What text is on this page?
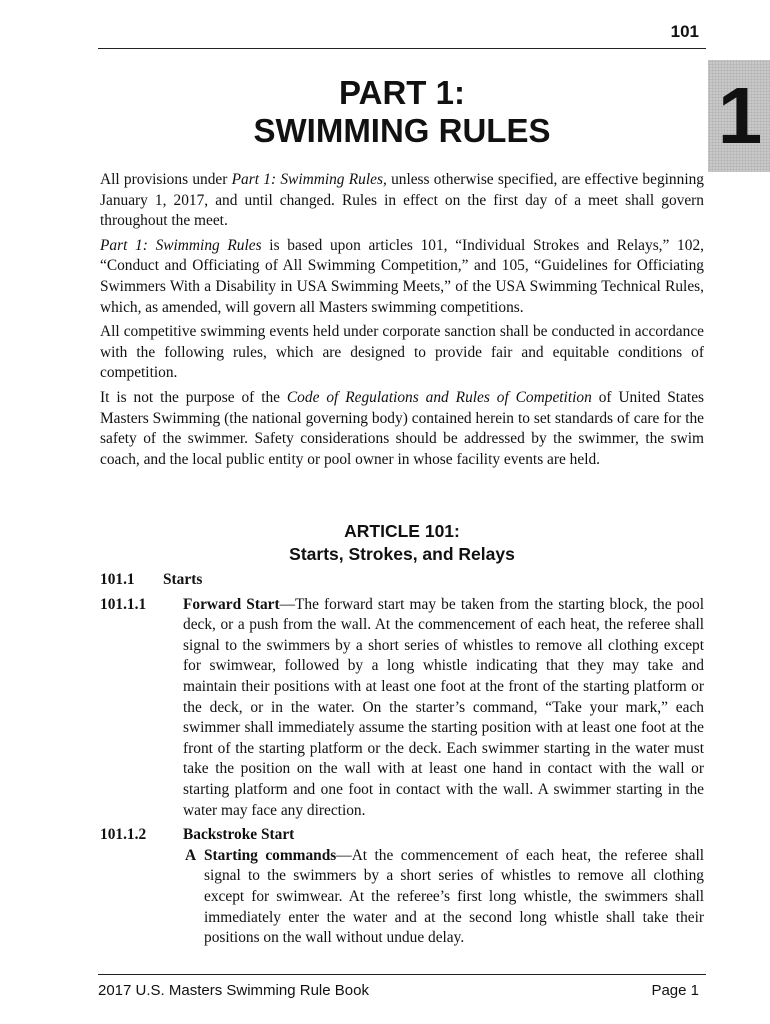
101
1
PART 1:
SWIMMING RULES

All provisions under Part 1: Swimming Rules, unless otherwise specified, are effective beginning January 1, 2017, and until changed. Rules in effect on the first day of a meet shall govern throughout the meet.

Part 1: Swimming Rules is based upon articles 101, “Individual Strokes and Relays,” 102, “Conduct and Officiating of All Swimming Competition,” and 105, “Guidelines for Officiating Swimmers With a Disability in USA Swimming Meets,” of the USA Swimming Technical Rules, which, as amended, will govern all Masters swimming competitions.

All competitive swimming events held under corporate sanction shall be conducted in accordance with the following rules, which are designed to provide fair and equitable conditions of competition.

It is not the purpose of the Code of Regulations and Rules of Competition of United States Masters Swimming (the national governing body) contained herein to set standards of care for the safety of the swimmer. Safety considerations should be addressed by the swimmer, the swim coach, and the local public entity or pool owner in whose facility events are held.

ARTICLE 101:
Starts, Strokes, and Relays
101.1	Starts
101.1.1	Forward Start—The forward start may be taken from the starting block, the pool deck, or a push from the wall. At the commencement of each heat, the referee shall signal to the swimmers by a short series of whistles to remove all clothing except for swimwear, followed by a long whistle indicating that they may take and maintain their positions with at least one foot at the front of the starting platform or the deck, or in the water. On the starter’s command, “Take your mark,” each swimmer shall immediately assume the starting position with at least one foot at the front of the starting platform or the deck. Each swimmer starting in the water must take the position on the wall with at least one hand in contact with the wall or starting platform and one foot in contact with the wall. A swimmer starting in the water may face any direction.
101.1.2	Backstroke Start
A Starting commands—At the commencement of each heat, the referee shall signal to the swimmers by a short series of whistles to remove all clothing except for swimwear. At the referee’s first long whistle, the swimmers shall immediately enter the water and at the second long whistle shall take their positions on the wall without undue delay.
2017 U.S. Masters Swimming Rule Book	Page 1
